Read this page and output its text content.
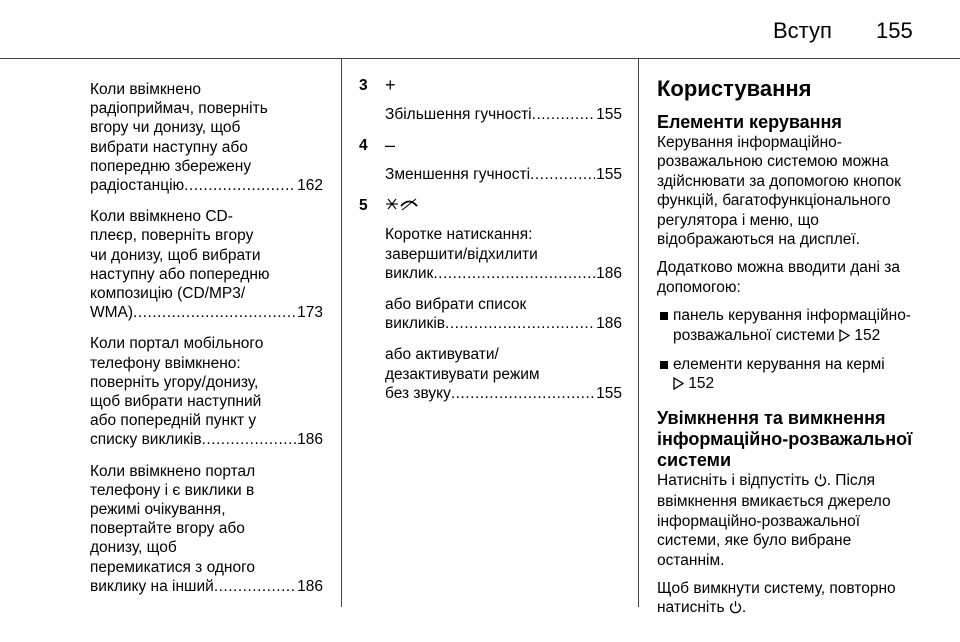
Вступ 155
Коли ввімкнено
радіоприймач, поверніть
вгору чи донизу, щоб
вибрати наступну або
попередню збережену
радіостанцію .....	162
Коли ввімкнено CD-
плеєр, поверніть вгору
чи донизу, щоб вибрати
наступну або попередню
композицію (CD/MP3/
WMA) .....	173
Коли портал мобільного
телефону ввімкнено:
поверніть угору/донизу,
щоб вибрати наступний
або попередній пункт у
списку викликів .....	186
Коли ввімкнено портал
телефону і є виклики в
режимі очікування,
повертайте вгору або
донизу, щоб
перемикатися з одного
виклику на інший .....	186
3 +
Збільшення гучності .....	155
4 –
Зменшення гучності .....	155
5
Коротке натискання:
завершити/відхилити
виклик .....	186
або вибрати список
викликів .....	186
або активувати/
дезактивувати режим
без звуку .....	155
Користування
Елементи керування
Керування інформаційно-
розважальною системою можна
здійснювати за допомогою кнопок
функцій, багатофункціонального
регулятора і меню, що
відображаються на дисплеї.
Додатково можна вводити дані за
допомогою:
панель керування інформаційно-
розважальної системи 152
елементи керування на кермі
152
Увімкнення та вимкнення
інформаційно-розважальної
системи
Натисніть і відпустіть . Після
ввімкнення вмикається джерело
інформаційно-розважальної
системи, яке було вибране
останнім.
Щоб вимкнути систему, повторно
натисніть .
